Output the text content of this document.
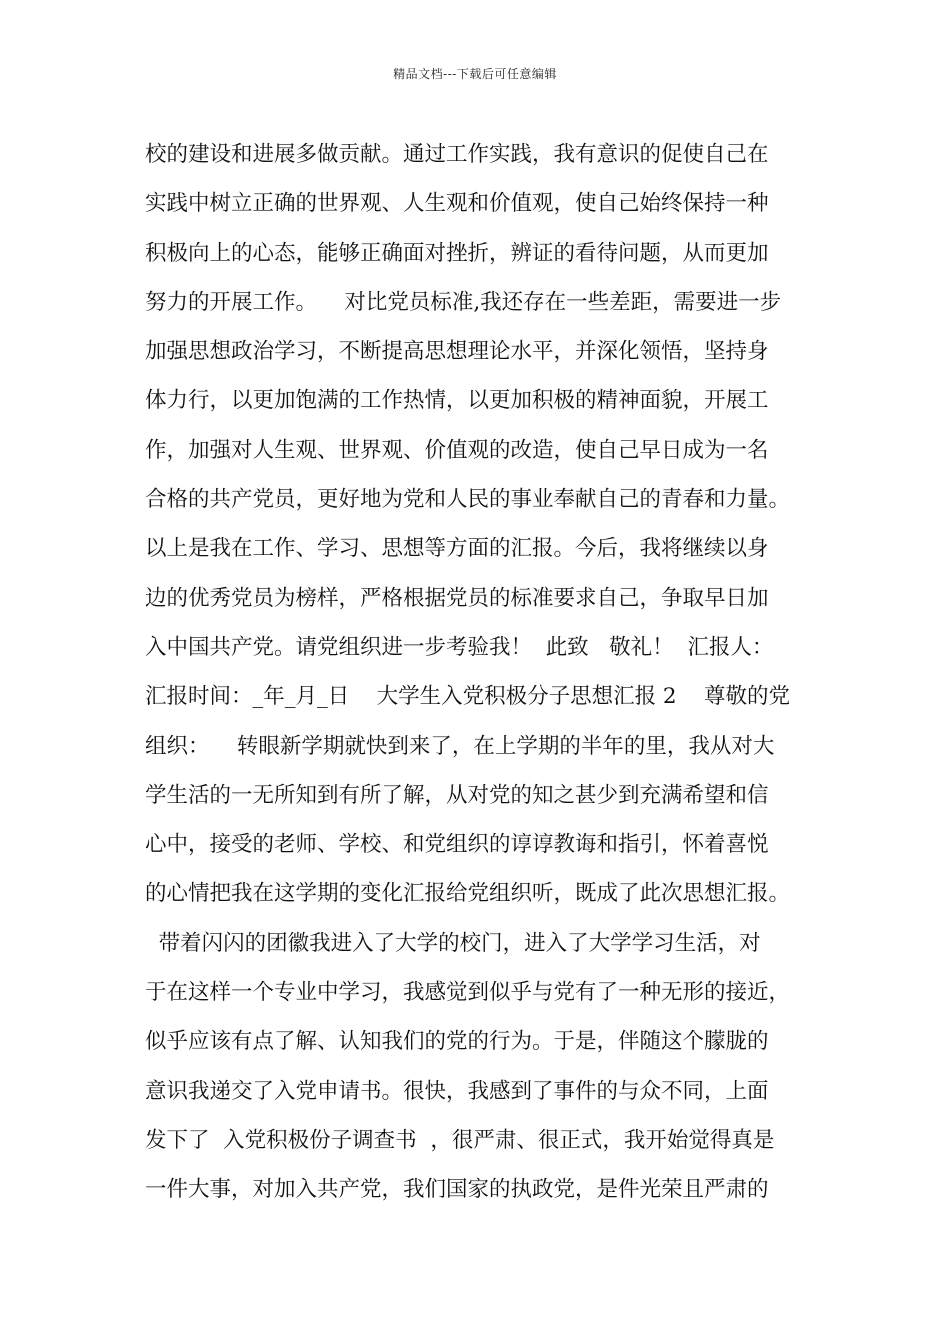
精品文档---下载后可任意编辑
校的建设和进展多做贡献。通过工作实践，我有意识的促使自己在
实践中树立正确的世界观、人生观和价值观，使自己始终保持一种
积极向上的心态，能够正确面对挫折，辨证的看待问题，从而更加
努力的开展工作。    对比党员标准,我还存在一些差距，需要进一步
加强思想政治学习，不断提高思想理论水平，并深化领悟，坚持身
体力行，以更加饱满的工作热情，以更加积极的精神面貌，开展工
作，加强对人生观、世界观、价值观的改造，使自己早日成为一名
合格的共产党员，更好地为党和人民的事业奉献自己的青春和力量。
以上是我在工作、学习、思想等方面的汇报。今后，我将继续以身
边的优秀党员为榜样，严格根据党员的标准要求自己，争取早日加
入中国共产党。请党组织进一步考验我！  此致   敬礼！  汇报人：
汇报时间：_年_月_日    大学生入党积极分子思想汇报 2    尊敬的党
组织：    转眼新学期就快到来了，在上学期的半年的里，我从对大
学生活的一无所知到有所了解，从对党的知之甚少到充满希望和信
心中，接受的老师、学校、和党组织的谆谆教诲和指引，怀着喜悦
的心情把我在这学期的变化汇报给党组织听，既成了此次思想汇报。
带着闪闪的团徽我进入了大学的校门，进入了大学学习生活，对
于在这样一个专业中学习，我感觉到似乎与党有了一种无形的接近，
似乎应该有点了解、认知我们的党的行为。于是，伴随这个朦胧的
意识我递交了入党申请书。很快，我感到了事件的与众不同，上面
发下了  入党积极份子调查书  ，很严肃、很正式，我开始觉得真是
一件大事，对加入共产党，我们国家的执政党，是件光荣且严肃的
